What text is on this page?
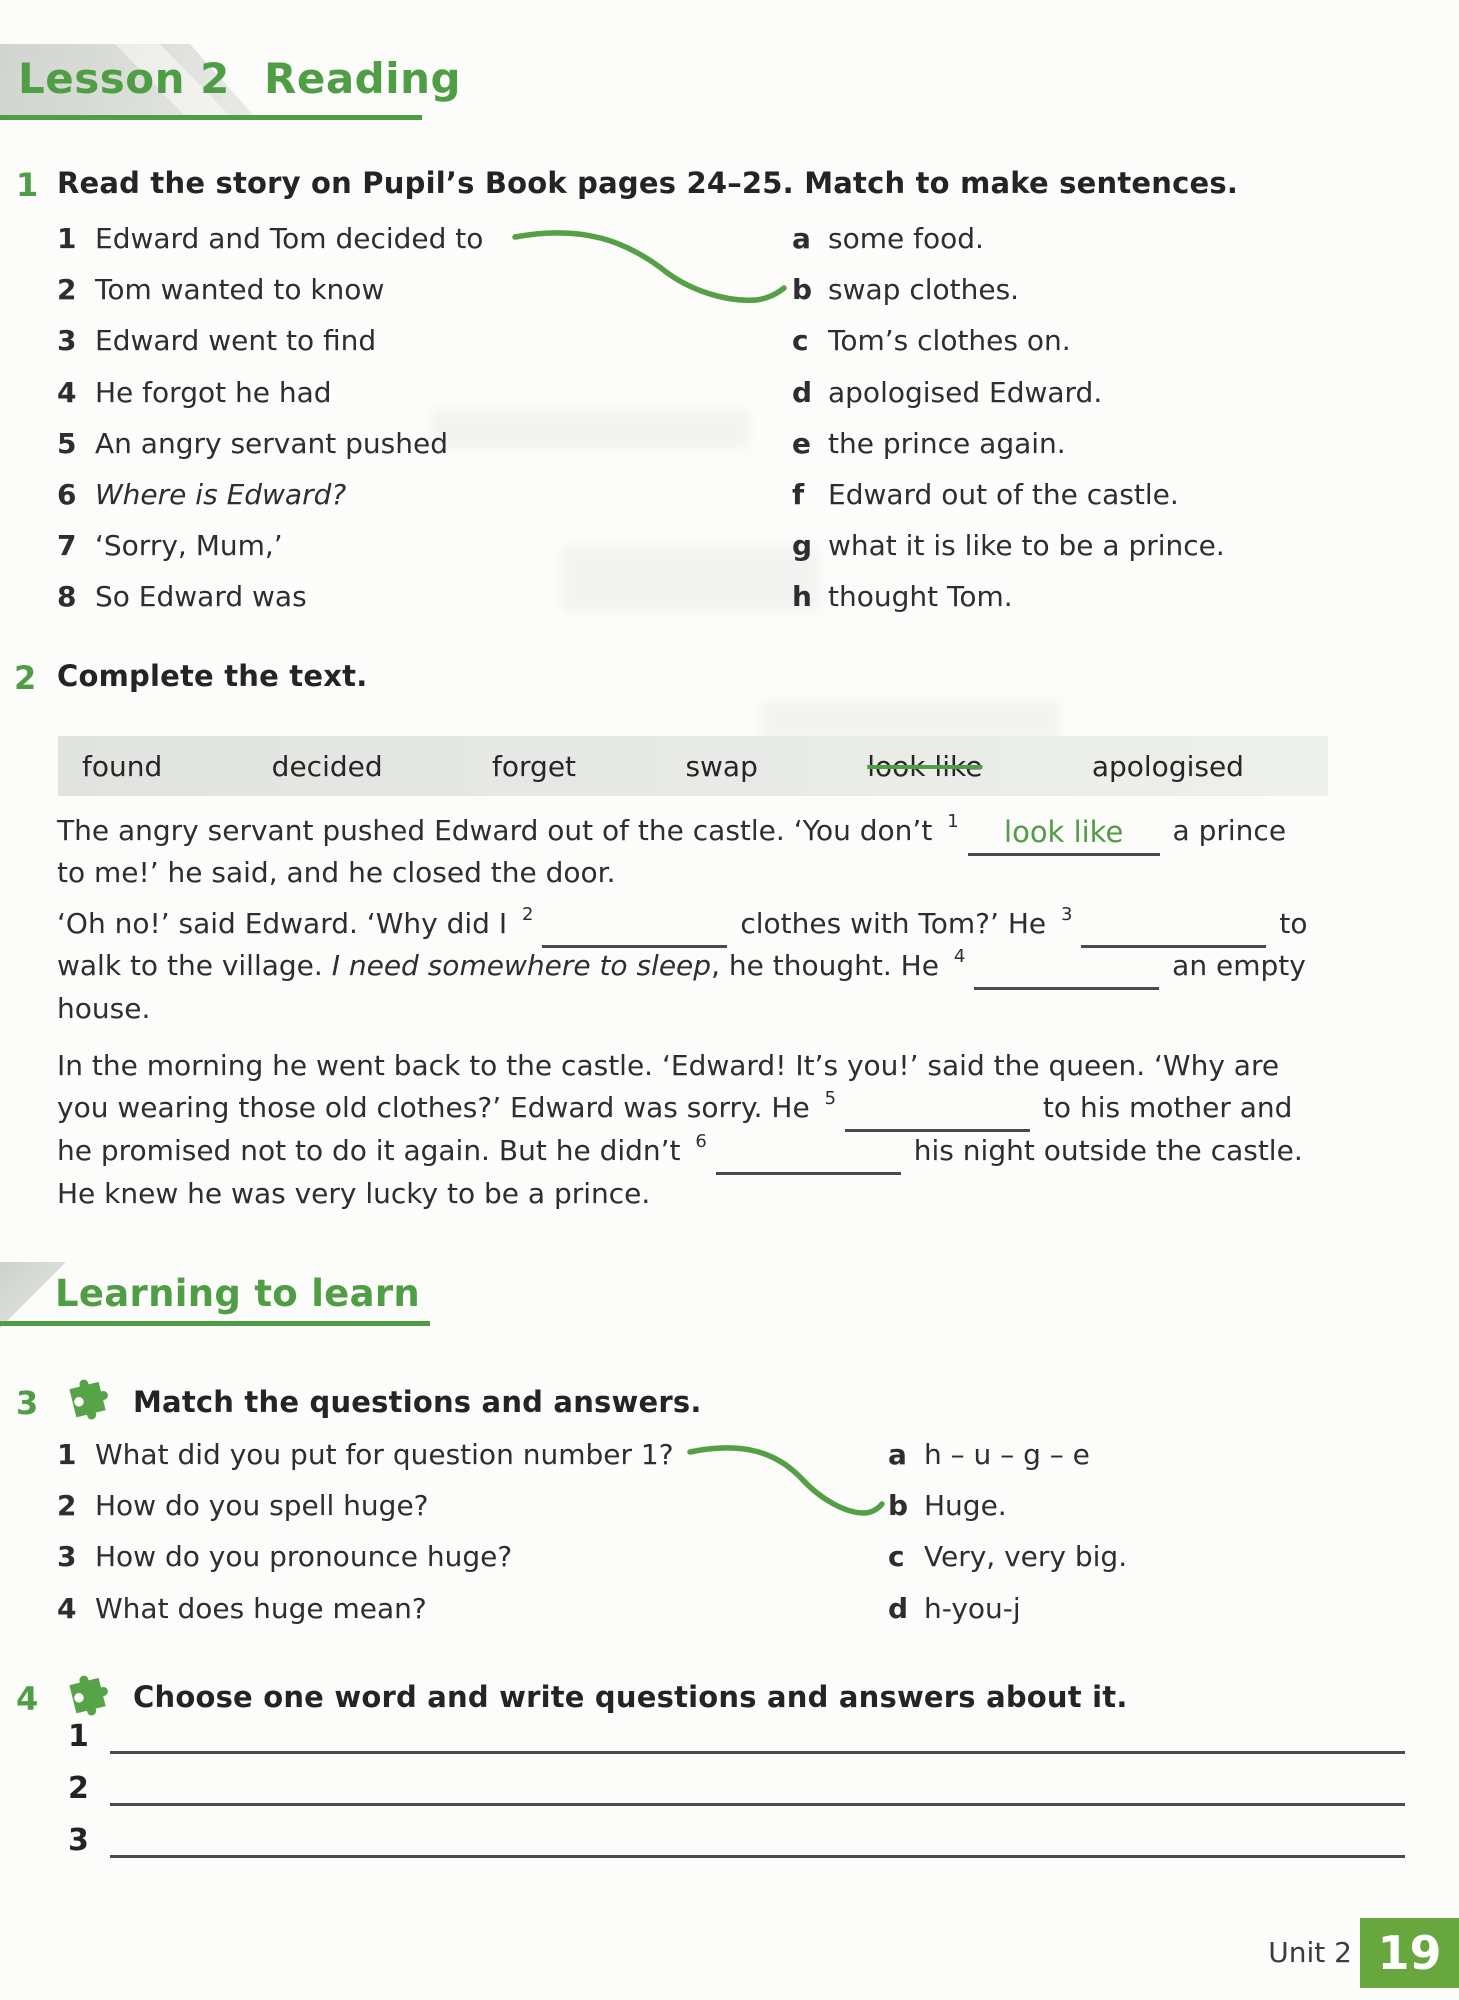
Lesson 2 Reading
1 Read the story on Pupil’s Book pages 24–25. Match to make sentences.
1 Edward and Tom decided to
2 Tom wanted to know
3 Edward went to find
4 He forgot he had
5 An angry servant pushed
6 Where is Edward?
7 ‘Sorry, Mum,’
8 So Edward was
a some food.
b swap clothes.
c Tom’s clothes on.
d apologised Edward.
e the prince again.
f Edward out of the castle.
g what it is like to be a prince.
h thought Tom.
2 Complete the text.
found	decided	forget	swap	look like	apologised
The angry servant pushed Edward out of the castle. ‘You don’t 1	look like	a prince
to me!’ he said, and he closed the door.
‘Oh no!’ said Edward. ‘Why did I 2	clothes with Tom?’ He 3	to
walk to the village. I need somewhere to sleep , he thought. He 4	an empty
house.
In the morning he went back to the castle. ‘Edward! It’s you!’ said the queen. ‘Why are
you wearing those old clothes?’ Edward was sorry. He 5	to his mother and
he promised not to do it again. But he didn’t 6	his night outside the castle.
He knew he was very lucky to be a prince.
Learning to learn
3	Match the questions and answers.
1 What did you put for question number 1?
2 How do you spell huge?
3 How do you pronounce huge?
4 What does huge mean?
a h – u – g – e
b Huge.
c Very, very big.
d h-you-j
4	Choose one word and write questions and answers about it.
1
2
3
Unit 2 19
